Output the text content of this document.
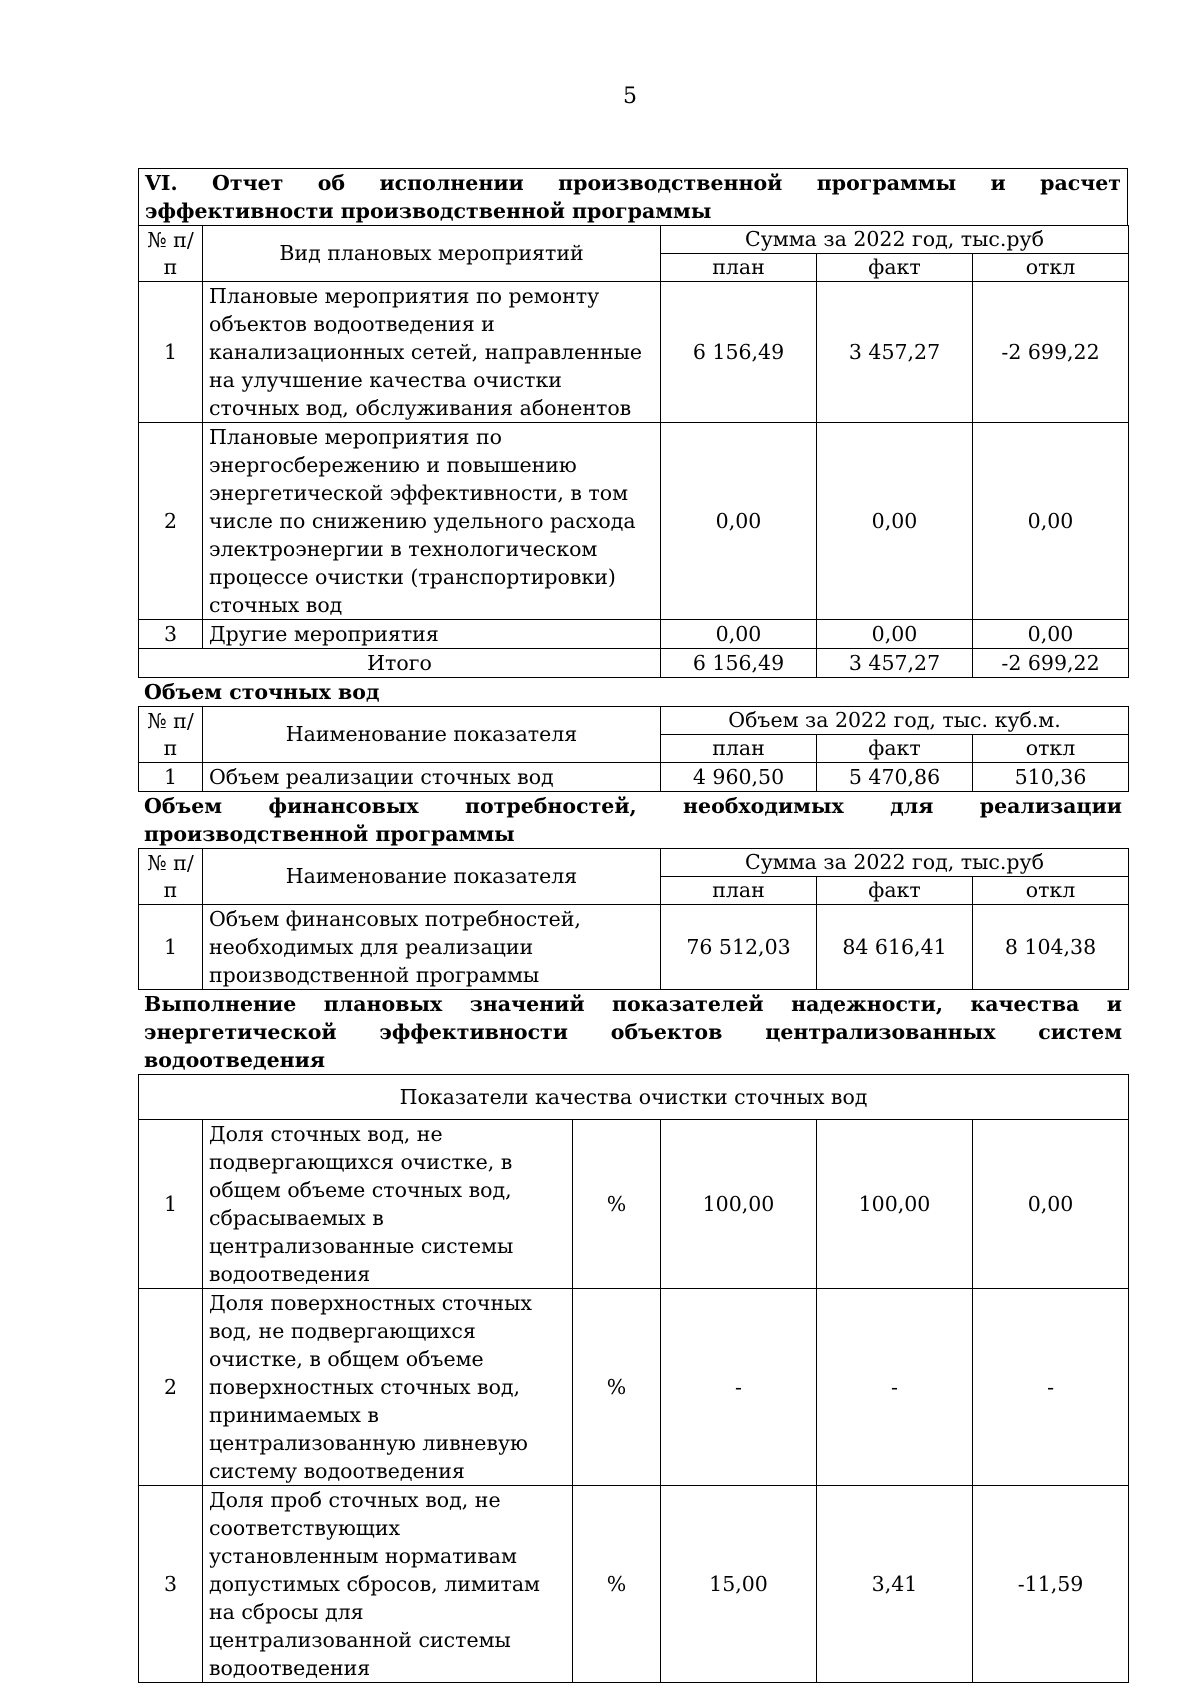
5
VI. Отчет об исполнении производственной программы и расчет эффективности производственной программы
№ п/п	Вид плановых мероприятий	Сумма за 2022 год, тыс.руб		
		план	факт	откл
1	Плановые мероприятия по ремонту объектов водоотведения и канализационных сетей, направленные на улучшение качества очистки сточных вод, обслуживания абонентов	6 156,49	3 457,27	-2 699,22
2	Плановые мероприятия по энергосбережению и повышению энергетической эффективности, в том числе по снижению удельного расхода электроэнергии в технологическом процессе очистки (транспортировки) сточных вод	0,00	0,00	0,00
3	Другие мероприятия	0,00	0,00	0,00
Итого		6 156,49	3 457,27	-2 699,22
Объем сточных вод
№ п/п	Наименование показателя	Объем за 2022 год, тыс. куб.м.		
		план	факт	откл
1	Объем реализации сточных вод	4 960,50	5 470,86	510,36
Объем финансовых потребностей, необходимых для реализации производственной программы
№ п/п	Наименование показателя	Сумма за 2022 год, тыс.руб		
		план	факт	откл
1	Объем финансовых потребностей, необходимых для реализации производственной программы	76 512,03	84 616,41	8 104,38
Выполнение плановых значений показателей надежности, качества и энергетической эффективности объектов централизованных систем водоотведения
Показатели качества очистки сточных вод					
1	Доля сточных вод, не подвергающихся очистке, в общем объеме сточных вод, сбрасываемых в централизованные системы водоотведения	%	100,00	100,00	0,00
2	Доля поверхностных сточных вод, не подвергающихся очистке, в общем объеме поверхностных сточных вод, принимаемых в централизованную ливневую систему водоотведения	%	-	-	-
3	Доля проб сточных вод, не соответствующих установленным нормативам допустимых сбросов, лимитам на сбросы для централизованной системы водоотведения	%	15,00	3,41	-11,59
